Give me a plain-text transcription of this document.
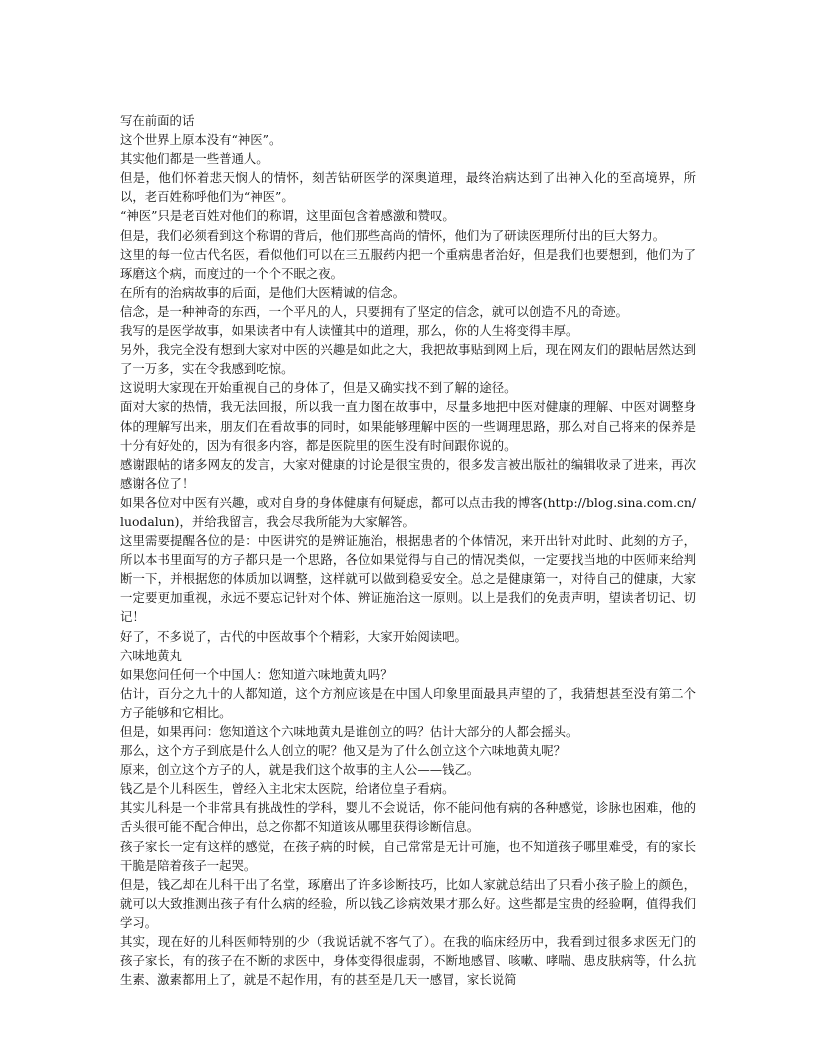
写在前面的话

这个世界上原本没有“神医”。

其实他们都是一些普通人。

但是，他们怀着悲天悯人的情怀，刻苦钻研医学的深奥道理，最终治病达到了出神入化的至高境界，所以，老百姓称呼他们为“神医”。

“神医”只是老百姓对他们的称谓，这里面包含着感激和赞叹。

但是，我们必须看到这个称谓的背后，他们那些高尚的情怀，他们为了研读医理所付出的巨大努力。

这里的每一位古代名医，看似他们可以在三五服药内把一个重病患者治好，但是我们也要想到，他们为了琢磨这个病，而度过的一个个不眠之夜。

在所有的治病故事的后面，是他们大医精诚的信念。

信念，是一种神奇的东西，一个平凡的人，只要拥有了坚定的信念，就可以创造不凡的奇迹。

我写的是医学故事，如果读者中有人读懂其中的道理，那么，你的人生将变得丰厚。

另外，我完全没有想到大家对中医的兴趣是如此之大，我把故事贴到网上后，现在网友们的跟帖居然达到了一万多，实在令我感到吃惊。

这说明大家现在开始重视自己的身体了，但是又确实找不到了解的途径。

面对大家的热情，我无法回报，所以我一直力图在故事中，尽量多地把中医对健康的理解、中医对调整身体的理解写出来，朋友们在看故事的同时，如果能够理解中医的一些调理思路，那么对自己将来的保养是十分有好处的，因为有很多内容，都是医院里的医生没有时间跟你说的。

感谢跟帖的诸多网友的发言，大家对健康的讨论是很宝贵的，很多发言被出版社的编辑收录了进来，再次感谢各位了！

如果各位对中医有兴趣，或对自身的身体健康有何疑虑，都可以点击我的博客(http://blog.sina.com.cn/luodalun)，并给我留言，我会尽我所能为大家解答。

这里需要提醒各位的是：中医讲究的是辨证施治，根据患者的个体情况，来开出针对此时、此刻的方子，所以本书里面写的方子都只是一个思路，各位如果觉得与自己的情况类似，一定要找当地的中医师来给判断一下，并根据您的体质加以调整，这样就可以做到稳妥安全。总之是健康第一，对待自己的健康，大家一定要更加重视，永远不要忘记针对个体、辨证施治这一原则。以上是我们的免责声明，望读者切记、切记！

好了，不多说了，古代的中医故事个个精彩，大家开始阅读吧。

六味地黄丸

如果您问任何一个中国人：您知道六味地黄丸吗？

估计，百分之九十的人都知道，这个方剂应该是在中国人印象里面最具声望的了，我猜想甚至没有第二个方子能够和它相比。

但是，如果再问：您知道这个六味地黄丸是谁创立的吗？估计大部分的人都会摇头。

那么，这个方子到底是什么人创立的呢？他又是为了什么创立这个六味地黄丸呢？

原来，创立这个方子的人，就是我们这个故事的主人公——钱乙。

钱乙是个儿科医生，曾经入主北宋太医院，给诸位皇子看病。

其实儿科是一个非常具有挑战性的学科，婴儿不会说话，你不能问他有病的各种感觉，诊脉也困难，他的舌头很可能不配合伸出，总之你都不知道该从哪里获得诊断信息。

孩子家长一定有这样的感觉，在孩子病的时候，自己常常是无计可施，也不知道孩子哪里难受，有的家长干脆是陪着孩子一起哭。

但是，钱乙却在儿科干出了名堂，琢磨出了许多诊断技巧，比如人家就总结出了只看小孩子脸上的颜色，就可以大致推测出孩子有什么病的经验，所以钱乙诊病效果才那么好。这些都是宝贵的经验啊，值得我们学习。

其实，现在好的儿科医师特别的少（我说话就不客气了）。在我的临床经历中，我看到过很多求医无门的孩子家长，有的孩子在不断的求医中，身体变得很虚弱，不断地感冒、咳嗽、哮喘、患皮肤病等，什么抗生素、激素都用上了，就是不起作用，有的甚至是几天一感冒，家长说简
